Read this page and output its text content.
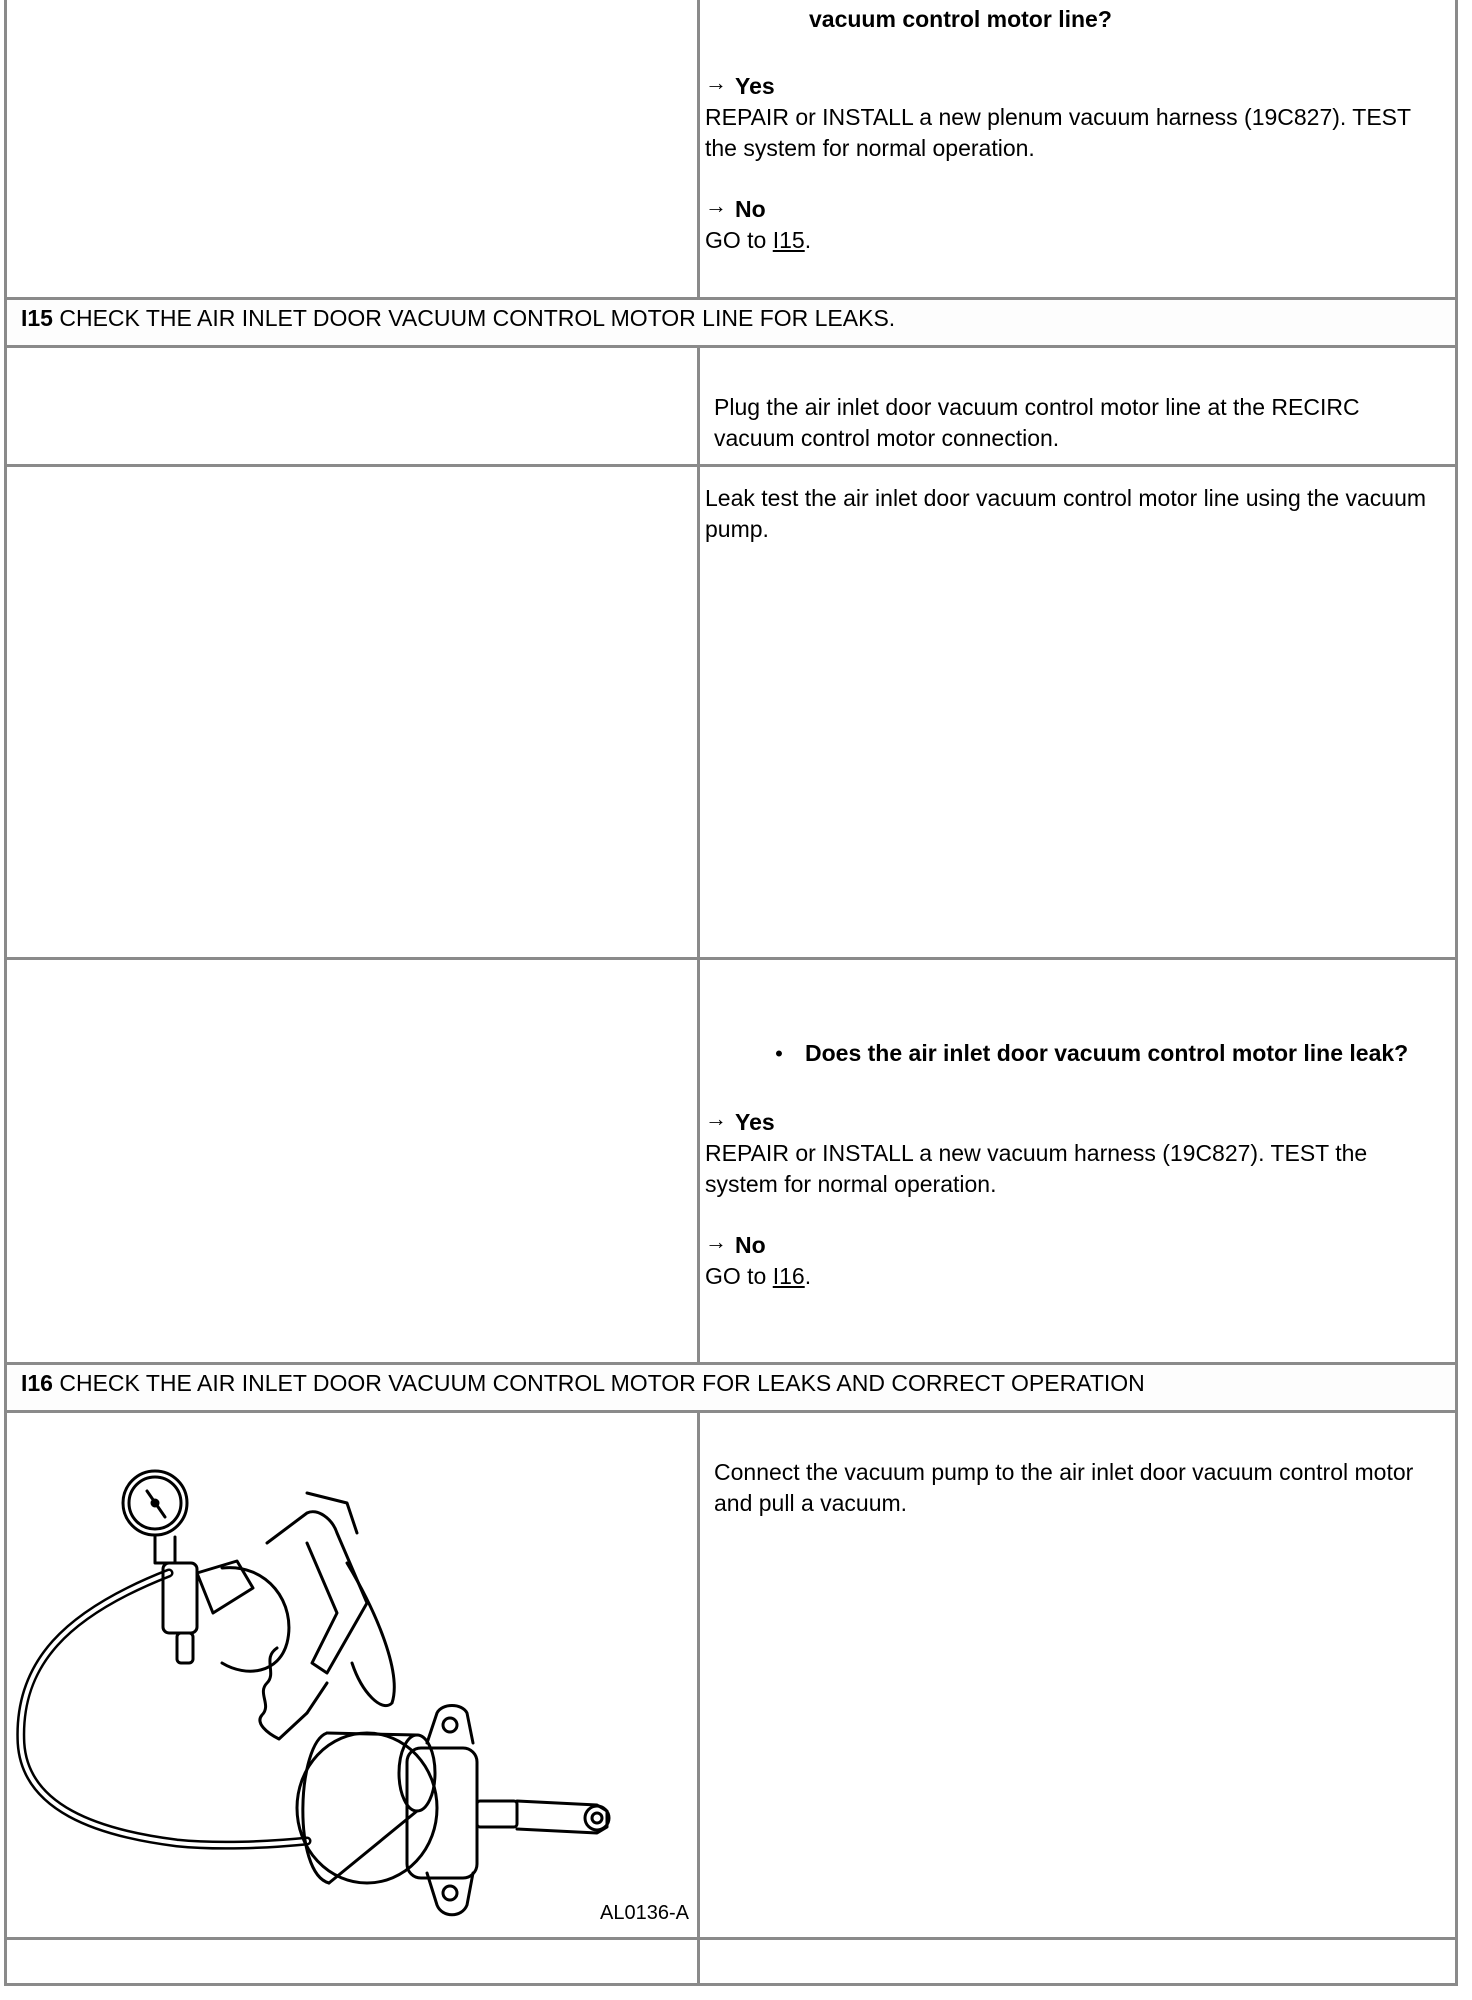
vacuum control motor line?
→ Yes
REPAIR or INSTALL a new plenum vacuum harness (19C827). TEST the system for normal operation.
→ No
GO to I15.
I15 CHECK THE AIR INLET DOOR VACUUM CONTROL MOTOR LINE FOR LEAKS.
Plug the air inlet door vacuum control motor line at the RECIRC vacuum control motor connection.
Leak test the air inlet door vacuum control motor line using the vacuum pump.
• Does the air inlet door vacuum control motor line leak?
→ Yes
REPAIR or INSTALL a new vacuum harness (19C827). TEST the system for normal operation.
→ No
GO to I16.
I16 CHECK THE AIR INLET DOOR VACUUM CONTROL MOTOR FOR LEAKS AND CORRECT OPERATION
AL0136-A
Connect the vacuum pump to the air inlet door vacuum control motor and pull a vacuum.
